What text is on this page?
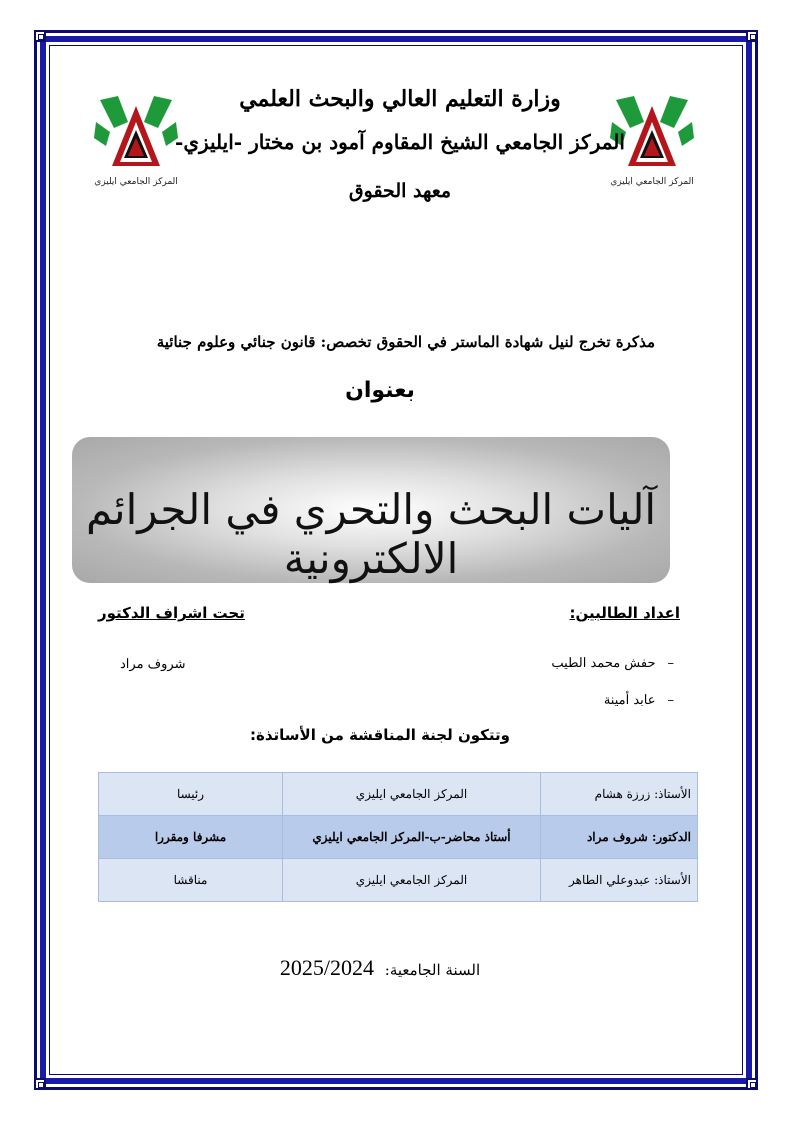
المركز الجامعي ايليزي	المركز الجامعي ايليزي
وزارة التعليم العالي والبحث العلمي
المركز الجامعي الشيخ المقاوم آمود بن مختار -ايليزي-
معهد الحقوق
مذكرة تخرج لنيل شهادة الماستر في الحقوق تخصص: قانون جنائي وعلوم جنائية
بعنوان
آليات البحث والتحري في الجرائم الالكترونية
اعداد الطالبين:
تحت اشراف الدكتور
–
حفش محمد الطيب
–
عابد أمينة
شروف مراد
وتتكون لجنة المناقشة من الأساتذة:
الأستاذ: زرزة هشام	المركز الجامعي ايليزي	رئيسا
الدكتور: شروف مراد	أستاذ محاضر-ب-المركز الجامعي ايليزي	مشرفا ومقررا
الأستاذ: عبدوعلي الطاهر	المركز الجامعي ايليزي	مناقشا
السنة الجامعية: 2025/2024
